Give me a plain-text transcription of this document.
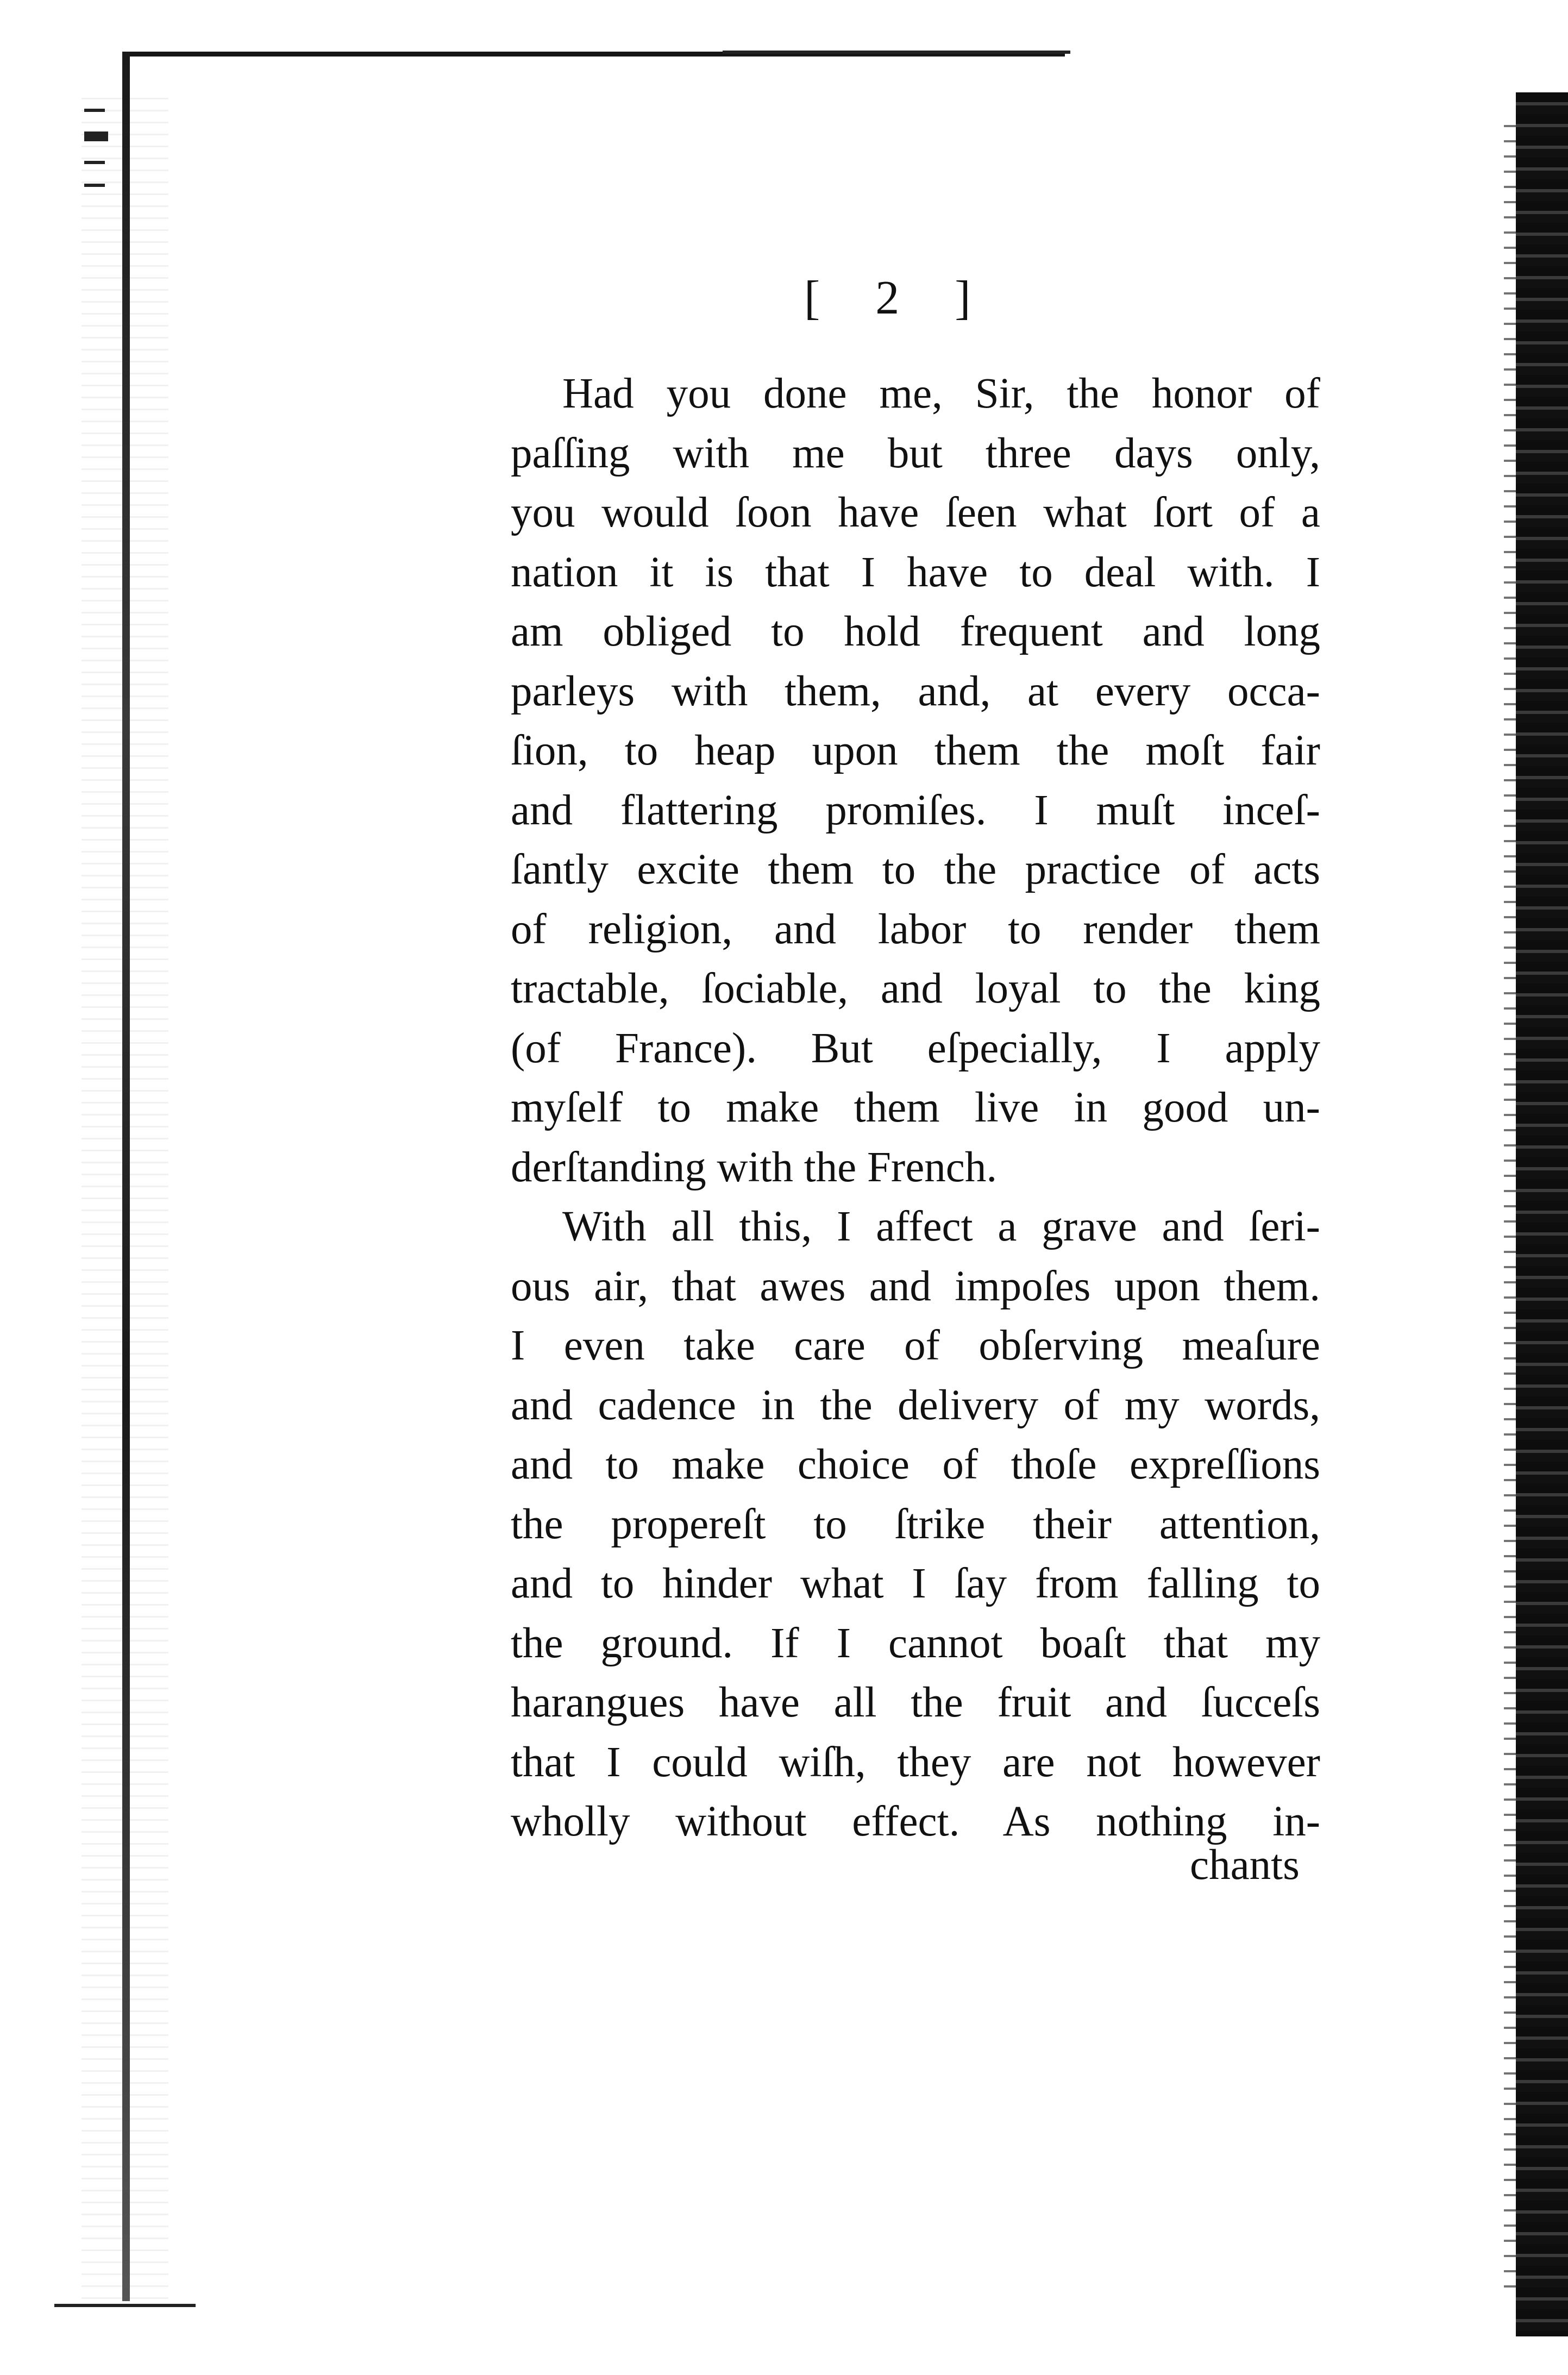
[ 2 ]
Had you done me, Sir, the honor of
paſſing with me but three days only,
you would ſoon have ſeen what ſort of a
nation it is that I have to deal with. I
am obliged to hold frequent and long
parleys with them, and, at every occa-
ſion, to heap upon them the moſt fair
and flattering promiſes. I muſt inceſ-
ſantly excite them to the practice of acts
of religion, and labor to render them
tractable, ſociable, and loyal to the king
(of France). But eſpecially, I apply
myſelf to make them live in good un-
derſtanding with the French.
With all this, I affect a grave and ſeri-
ous air, that awes and impoſes upon them.
I even take care of obſerving meaſure
and cadence in the delivery of my words,
and to make choice of thoſe expreſſions
the propereſt to ſtrike their attention,
and to hinder what I ſay from falling to
the ground. If I cannot boaſt that my
harangues have all the fruit and ſucceſs
that I could wiſh, they are not however
wholly without effect. As nothing in-
chants
